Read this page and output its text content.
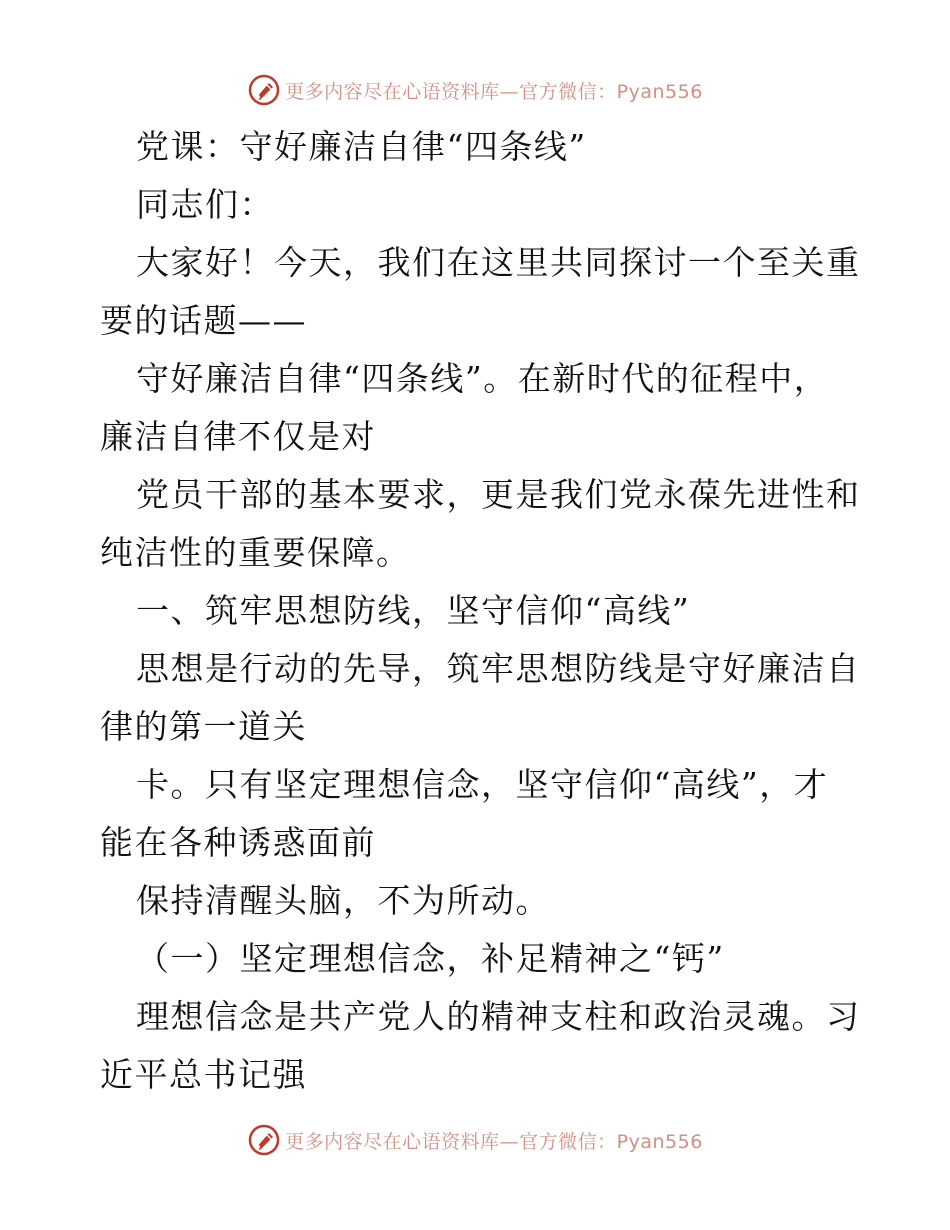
更多内容尽在心语资料库—官方微信：Pyan556
党课：守好廉洁自律“四条线”
同志们：
大家好！今天，我们在这里共同探讨一个至关重
要的话题——
守好廉洁自律“四条线”。在新时代的征程中，
廉洁自律不仅是对
党员干部的基本要求，更是我们党永葆先进性和
纯洁性的重要保障。
一、筑牢思想防线，坚守信仰“高线”
思想是行动的先导，筑牢思想防线是守好廉洁自
律的第一道关
卡。只有坚定理想信念，坚守信仰“高线”，才
能在各种诱惑面前
保持清醒头脑，不为所动。
（一）坚定理想信念，补足精神之“钙”
理想信念是共产党人的精神支柱和政治灵魂。习
近平总书记强
更多内容尽在心语资料库—官方微信：Pyan556
